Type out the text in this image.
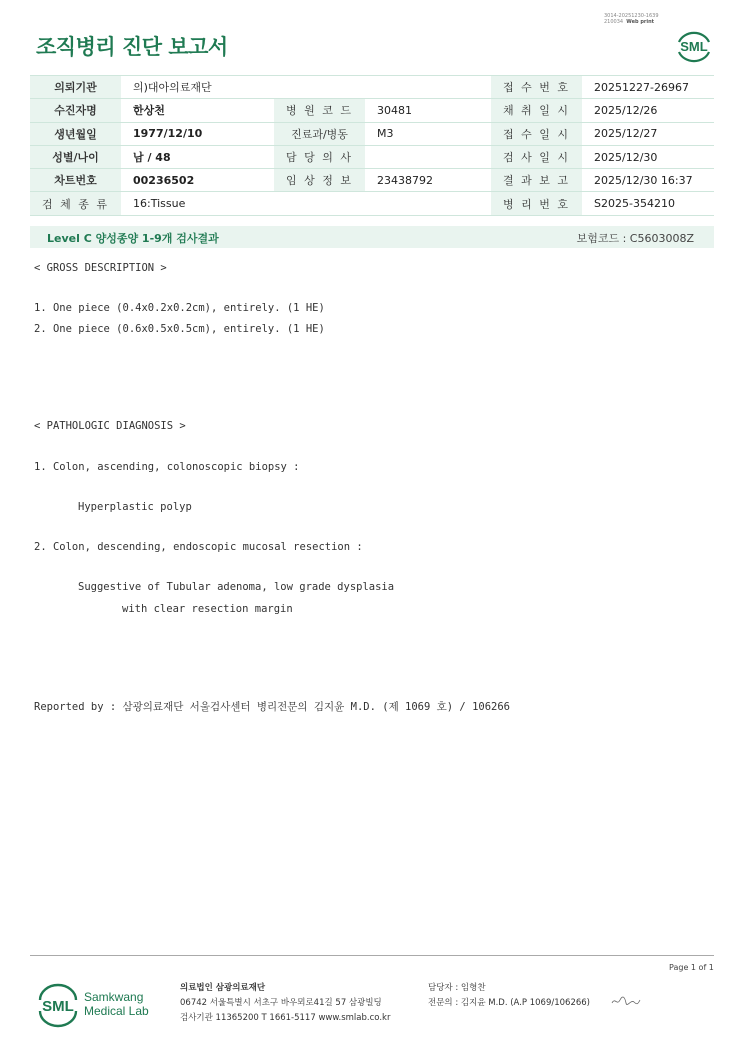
3014-20251230-1639
210034 Web print
조직병리 진단 보고서	SML
의뢰기관	의)대아의료재단			접 수 번 호	20251227-26967
수진자명	한상천	병 원 코 드	30481	채 취 일 시	2025/12/26
생년월일	1977/12/10	진료과/병동	M3	접 수 일 시	2025/12/27
성별/나이	남 / 48	담 당 의 사		검 사 일 시	2025/12/30
차트번호	00236502	임 상 정 보	23438792	결 과 보 고	2025/12/30 16:37
검 체 종 류	16:Tissue			병 리 번 호	S2025-354210
Level C 양성종양 1-9개 검사결과	보험코드 : C5603008Z
< GROSS DESCRIPTION >
1. One piece (0.4x0.2x0.2cm), entirely. (1 HE)
2. One piece (0.6x0.5x0.5cm), entirely. (1 HE)
< PATHOLOGIC DIAGNOSIS >
1. Colon, ascending, colonoscopic biopsy :
Hyperplastic polyp
2. Colon, descending, endoscopic mucosal resection :
Suggestive of Tubular adenoma, low grade dysplasia
with clear resection margin
Reported by : 삼광의료재단 서울검사센터 병리전문의 김지윤 M.D. (제 1069 호) / 106266
Page 1 of 1
SML
Samkwang
Medical Lab
의료법인 삼광의료재단
06742 서울특별시 서초구 바우뫼로41길 57 삼광빌딩
검사기관 11365200 T 1661-5117 www.smlab.co.kr
담당자 : 임형찬
전문의 : 김지윤 M.D. (A.P 1069/106266)
